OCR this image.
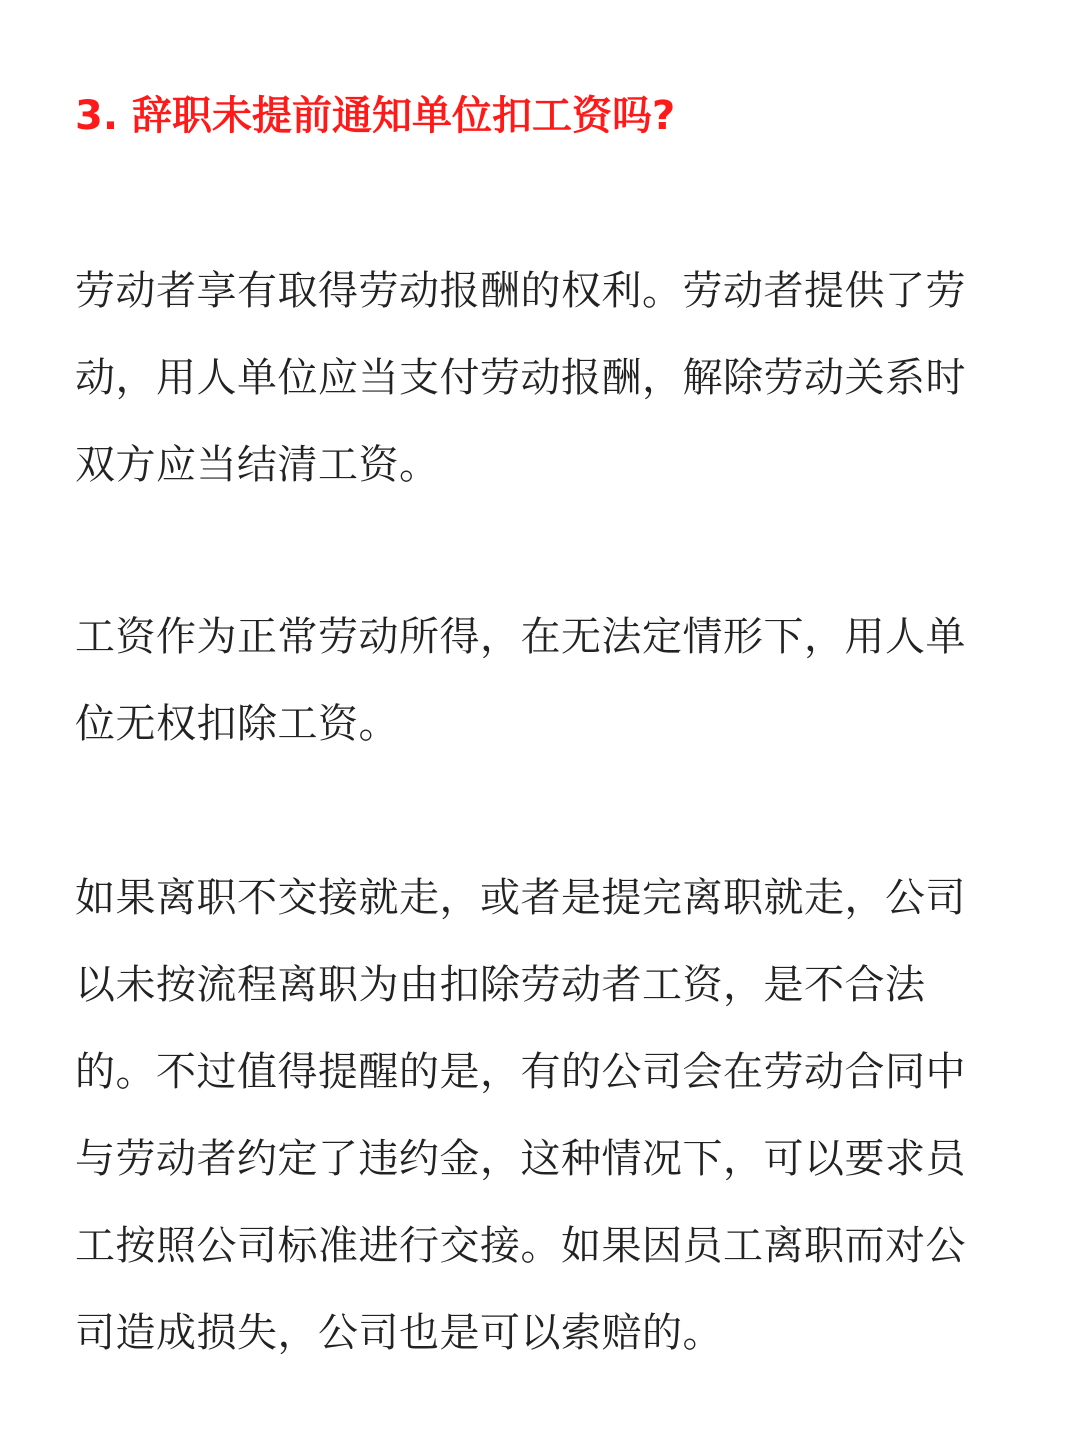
3. 辞职未提前通知单位扣工资吗?

劳动者享有取得劳动报酬的权利。劳动者提供了劳动，用人单位应当支付劳动报酬，解除劳动关系时双方应当结清工资。

工资作为正常劳动所得，在无法定情形下，用人单位无权扣除工资。

如果离职不交接就走，或者是提完离职就走，公司以未按流程离职为由扣除劳动者工资，是不合法的。不过值得提醒的是，有的公司会在劳动合同中与劳动者约定了违约金，这种情况下，可以要求员工按照公司标准进行交接。如果因员工离职而对公司造成损失，公司也是可以索赔的。
